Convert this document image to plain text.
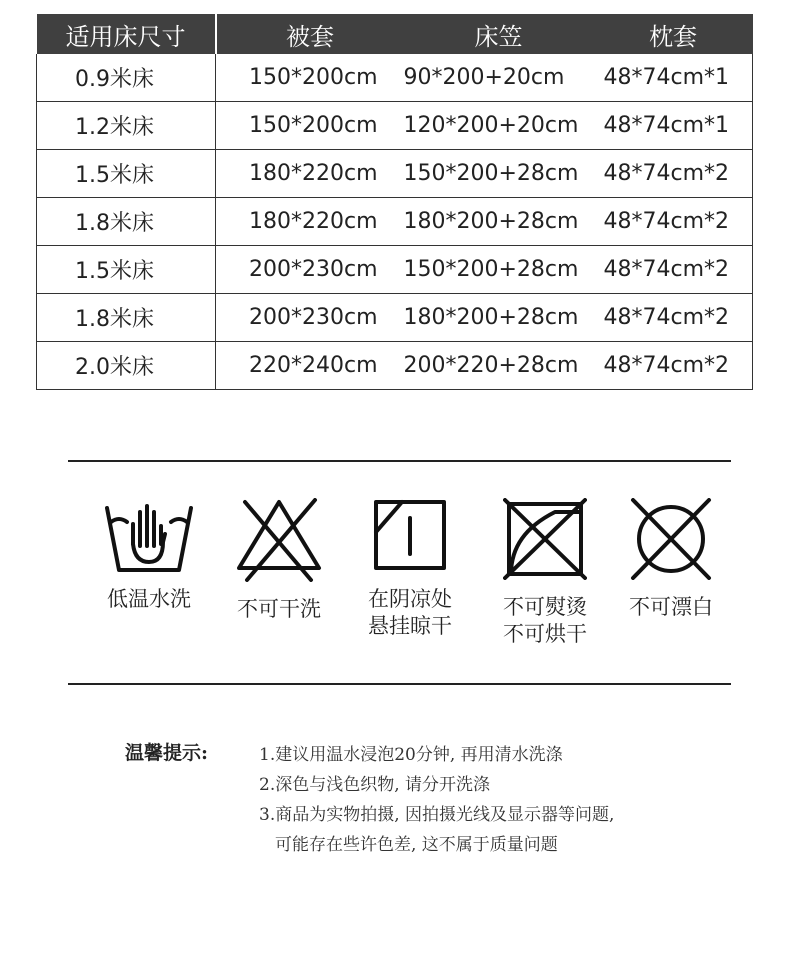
适用床尺寸	被套	床笠	枕套
0.9米床	150*200cm	90*200+20cm	48*74cm*1
1.2米床	150*200cm	120*200+20cm	48*74cm*1
1.5米床	180*220cm	150*200+28cm	48*74cm*2
1.8米床	180*220cm	180*200+28cm	48*74cm*2
1.5米床	200*230cm	150*200+28cm	48*74cm*2
1.8米床	200*230cm	180*200+28cm	48*74cm*2
2.0米床	220*240cm	200*220+28cm	48*74cm*2
低温水洗	不可干洗	在阴凉处
悬挂晾干
不可熨烫
不可烘干
不可漂白
温馨提示:	1.建议用温水浸泡20分钟, 再用清水洗涤
2.深色与浅色织物, 请分开洗涤
3.商品为实物拍摄, 因拍摄光线及显示器等问题,
可能存在些许色差, 这不属于质量问题
